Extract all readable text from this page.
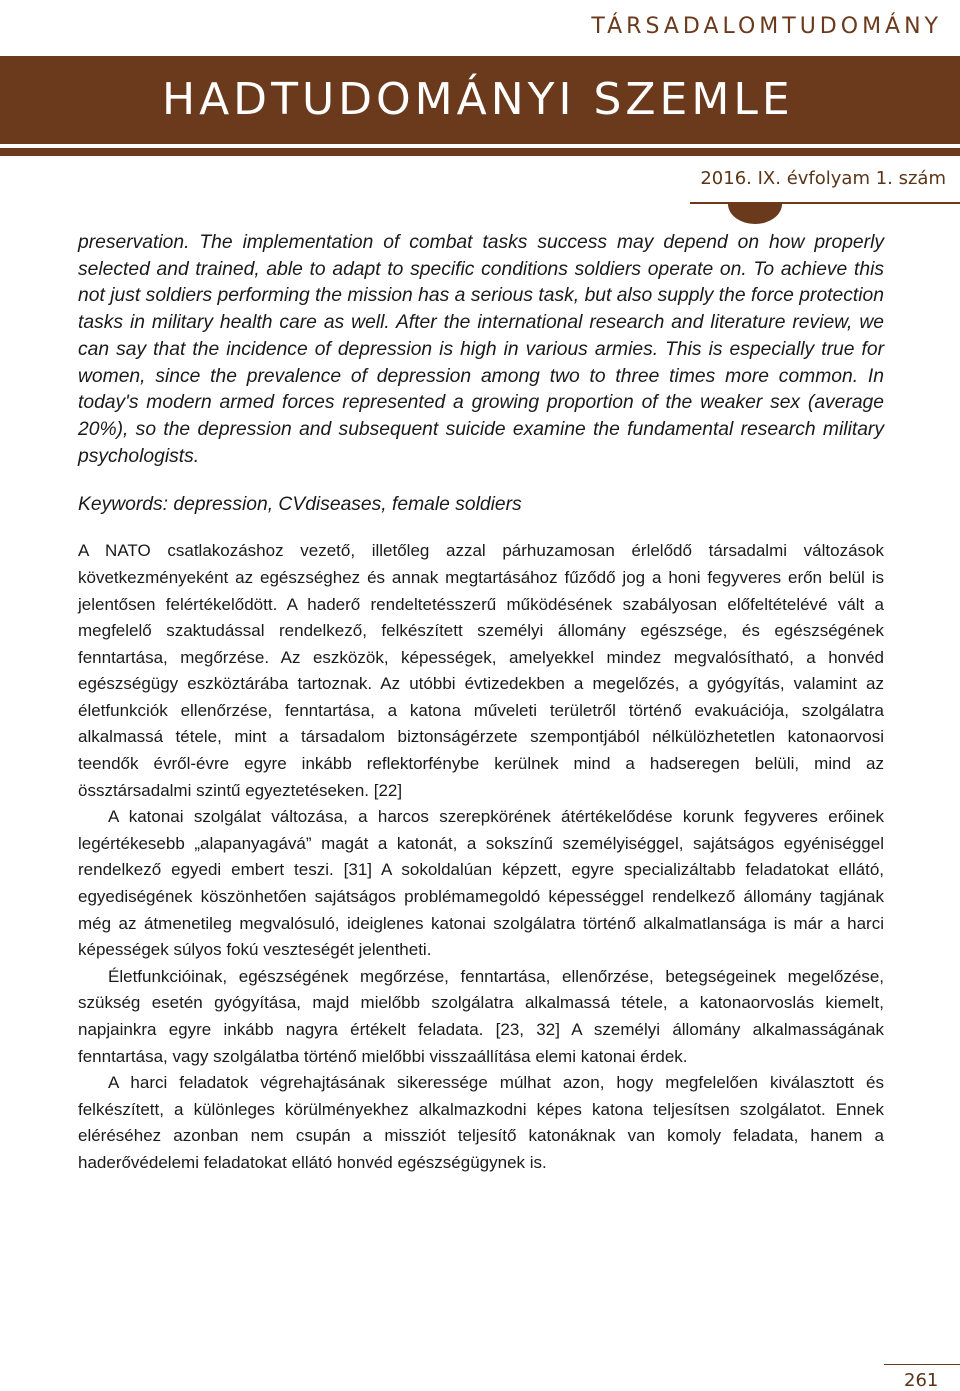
TÁRSADALOMTUDOMÁNY
HADTUDOMÁNYI SZEMLE
2016. IX. évfolyam 1. szám

preservation. The implementation of combat tasks success may depend on how properly selected and trained, able to adapt to specific conditions soldiers operate on. To achieve this not just soldiers performing the mission has a serious task, but also supply the force protection tasks in military health care as well. After the international research and literature review, we can say that the incidence of depression is high in various armies. This is especially true for women, since the prevalence of depression among two to three times more common. In today's modern armed forces represented a growing proportion of the weaker sex (average 20%), so the depression and subsequent suicide examine the fundamental research military psychologists.

Keywords: depression, CVdiseases, female soldiers

A NATO csatlakozáshoz vezető, illetőleg azzal párhuzamosan érlelődő társadalmi változások következményeként az egészséghez és annak megtartásához fűződő jog a honi fegyveres erőn belül is jelentősen felértékelődött. A haderő rendeltetésszerű működésének szabályosan előfeltételévé vált a megfelelő szaktudással rendelkező, felkészített személyi állomány egészsége, és egészségének fenntartása, megőrzése. Az eszközök, képességek, amelyekkel mindez megvalósítható, a honvéd egészségügy eszköztárába tartoznak. Az utóbbi évtizedekben a megelőzés, a gyógyítás, valamint az életfunkciók ellenőrzése, fenntartása, a katona műveleti területről történő evakuációja, szolgálatra alkalmassá tétele, mint a társadalom biztonságérzete szempontjából nélkülözhetetlen katonaorvosi teendők évről-évre egyre inkább reflektorfénybe kerülnek mind a hadseregen belüli, mind az össztársadalmi szintű egyeztetéseken. [22]

A katonai szolgálat változása, a harcos szerepkörének átértékelődése korunk fegyveres erőinek legértékesebb „alapanyagává” magát a katonát, a sokszínű személyiséggel, sajátságos egyéniséggel rendelkező egyedi embert teszi. [31] A sokoldalúan képzett, egyre specializáltabb feladatokat ellátó, egyediségének köszönhetően sajátságos problémamegoldó képességgel rendelkező állomány tagjának még az átmenetileg megvalósuló, ideiglenes katonai szolgálatra történő alkalmatlansága is már a harci képességek súlyos fokú veszteségét jelentheti.

Életfunkcióinak, egészségének megőrzése, fenntartása, ellenőrzése, betegségeinek megelőzése, szükség esetén gyógyítása, majd mielőbb szolgálatra alkalmassá tétele, a katonaorvoslás kiemelt, napjainkra egyre inkább nagyra értékelt feladata. [23, 32] A személyi állomány alkalmasságának fenntartása, vagy szolgálatba történő mielőbbi visszaállítása elemi katonai érdek.

A harci feladatok végrehajtásának sikeressége múlhat azon, hogy megfelelően kiválasztott és felkészített, a különleges körülményekhez alkalmazkodni képes katona teljesítsen szolgálatot. Ennek eléréséhez azonban nem csupán a missziót teljesítő katonáknak van komoly feladata, hanem a haderővédelemi feladatokat ellátó honvéd egészségügynek is.

261
